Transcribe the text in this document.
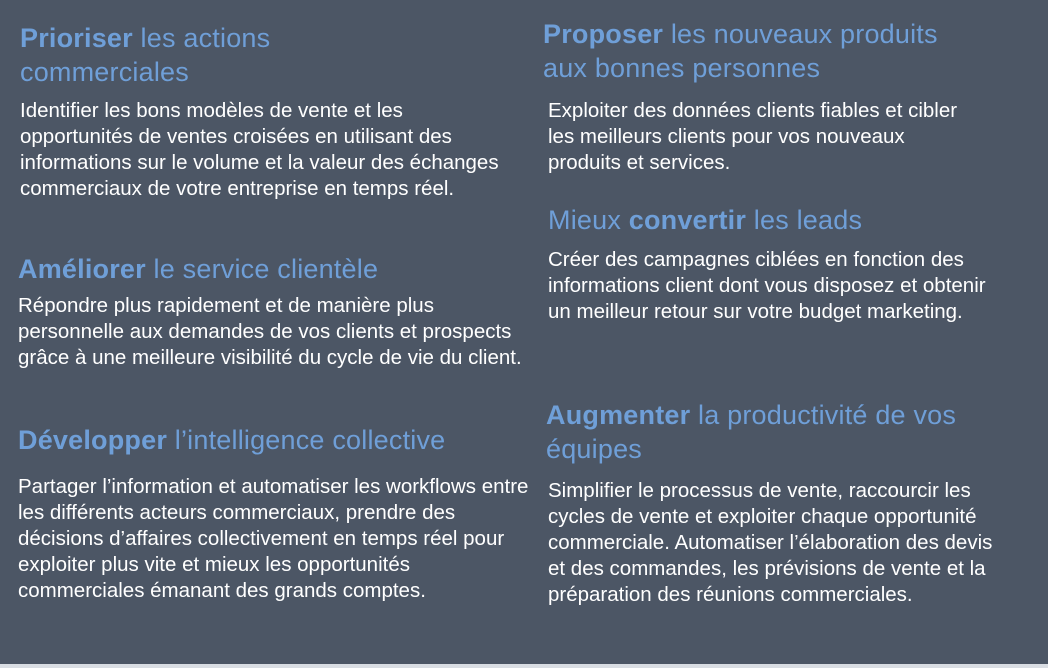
Prioriser les actions commerciales

Identifier les bons modèles de vente et les opportunités de ventes croisées en utilisant des informations sur le volume et la valeur des échanges commerciaux de votre entreprise en temps réel.

Améliorer le service clientèle

Répondre plus rapidement et de manière plus personnelle aux demandes de vos clients et prospects grâce à une meilleure visibilité du cycle de vie du client.

Développer l’intelligence collective

Partager l’information et automatiser les workflows entre les différents acteurs commerciaux, prendre des décisions d’affaires collectivement en temps réel pour exploiter plus vite et mieux les opportunités commerciales émanant des grands comptes.

Proposer les nouveaux produits aux bonnes personnes

Exploiter des données clients fiables et cibler les meilleurs clients pour vos nouveaux produits et services.

Mieux convertir les leads

Créer des campagnes ciblées en fonction des informations client dont vous disposez et obtenir un meilleur retour sur votre budget marketing.

Augmenter la productivité de vos équipes

Simplifier le processus de vente, raccourcir les cycles de vente et exploiter chaque opportunité commerciale. Automatiser l’élaboration des devis et des commandes, les prévisions de vente et la préparation des réunions commerciales.
